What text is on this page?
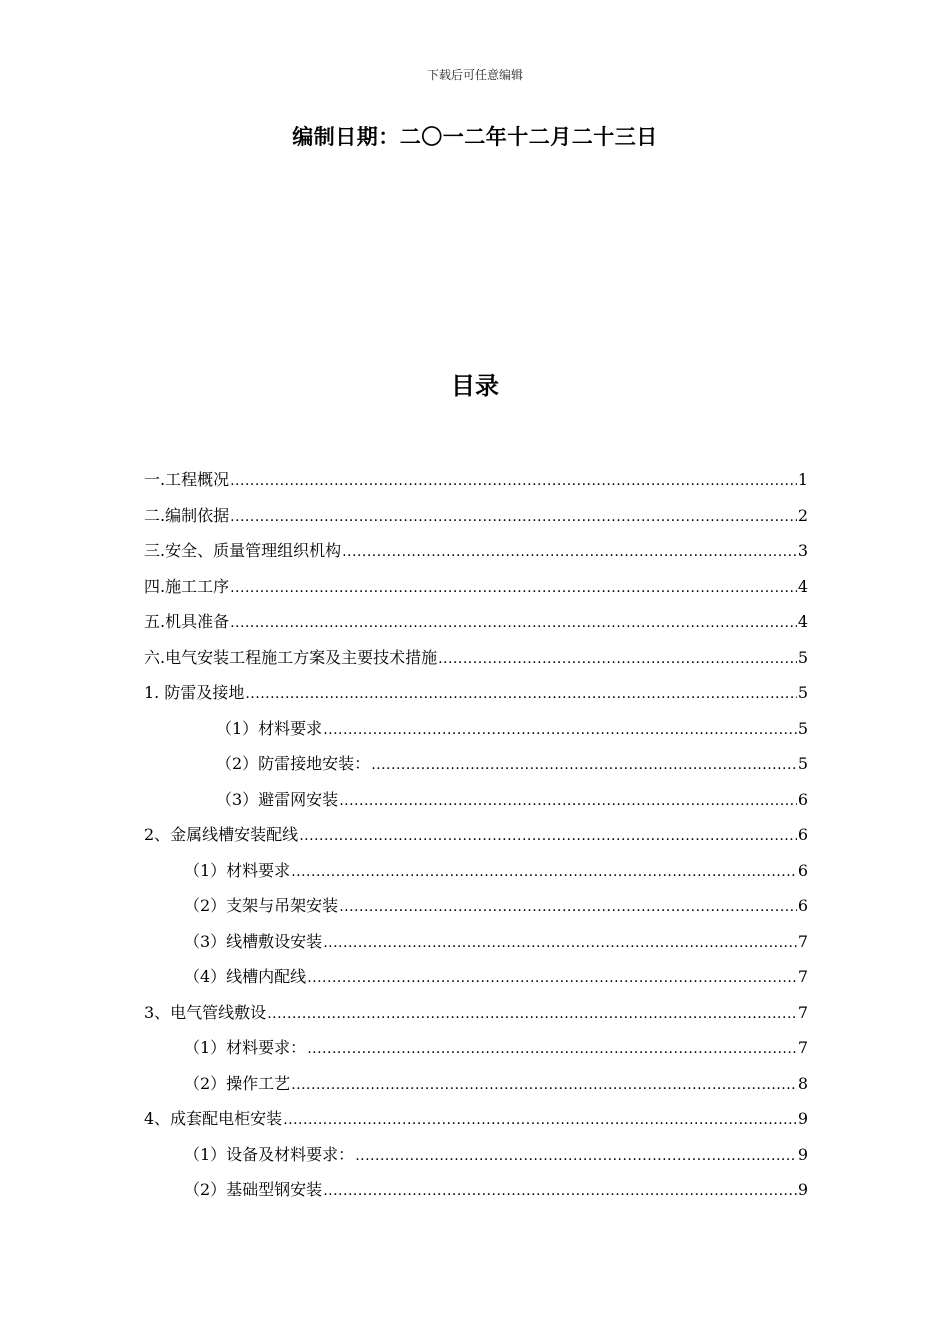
下载后可任意编辑
编制日期：二〇一二年十二月二十三日
目录
一. 工程概况 .....	1
二. 编制依据 .....	2
三. 安全、质量管理组织机构 .....	3
四. 施工工序 .....	4
五. 机具准备 .....	4
六. 电气安装工程施工方案及主要技术措施 .....	5
1. 防雷及接地 .....	5
（1）材料要求 .....	5
（2）防雷接地安装： .....	5
（3）避雷网安装 .....	6
2、金属线槽安装配线 .....	6
（1）材料要求 .....	6
（2）支架与吊架安装 .....	6
（3）线槽敷设安装 .....	7
（4）线槽内配线 .....	7
3、电气管线敷设 .....	7
（1）材料要求： .....	7
（2）操作工艺 .....	8
4、成套配电柜安装 .....	9
（1）设备及材料要求： .....	9
（2）基础型钢安装 .....	9
